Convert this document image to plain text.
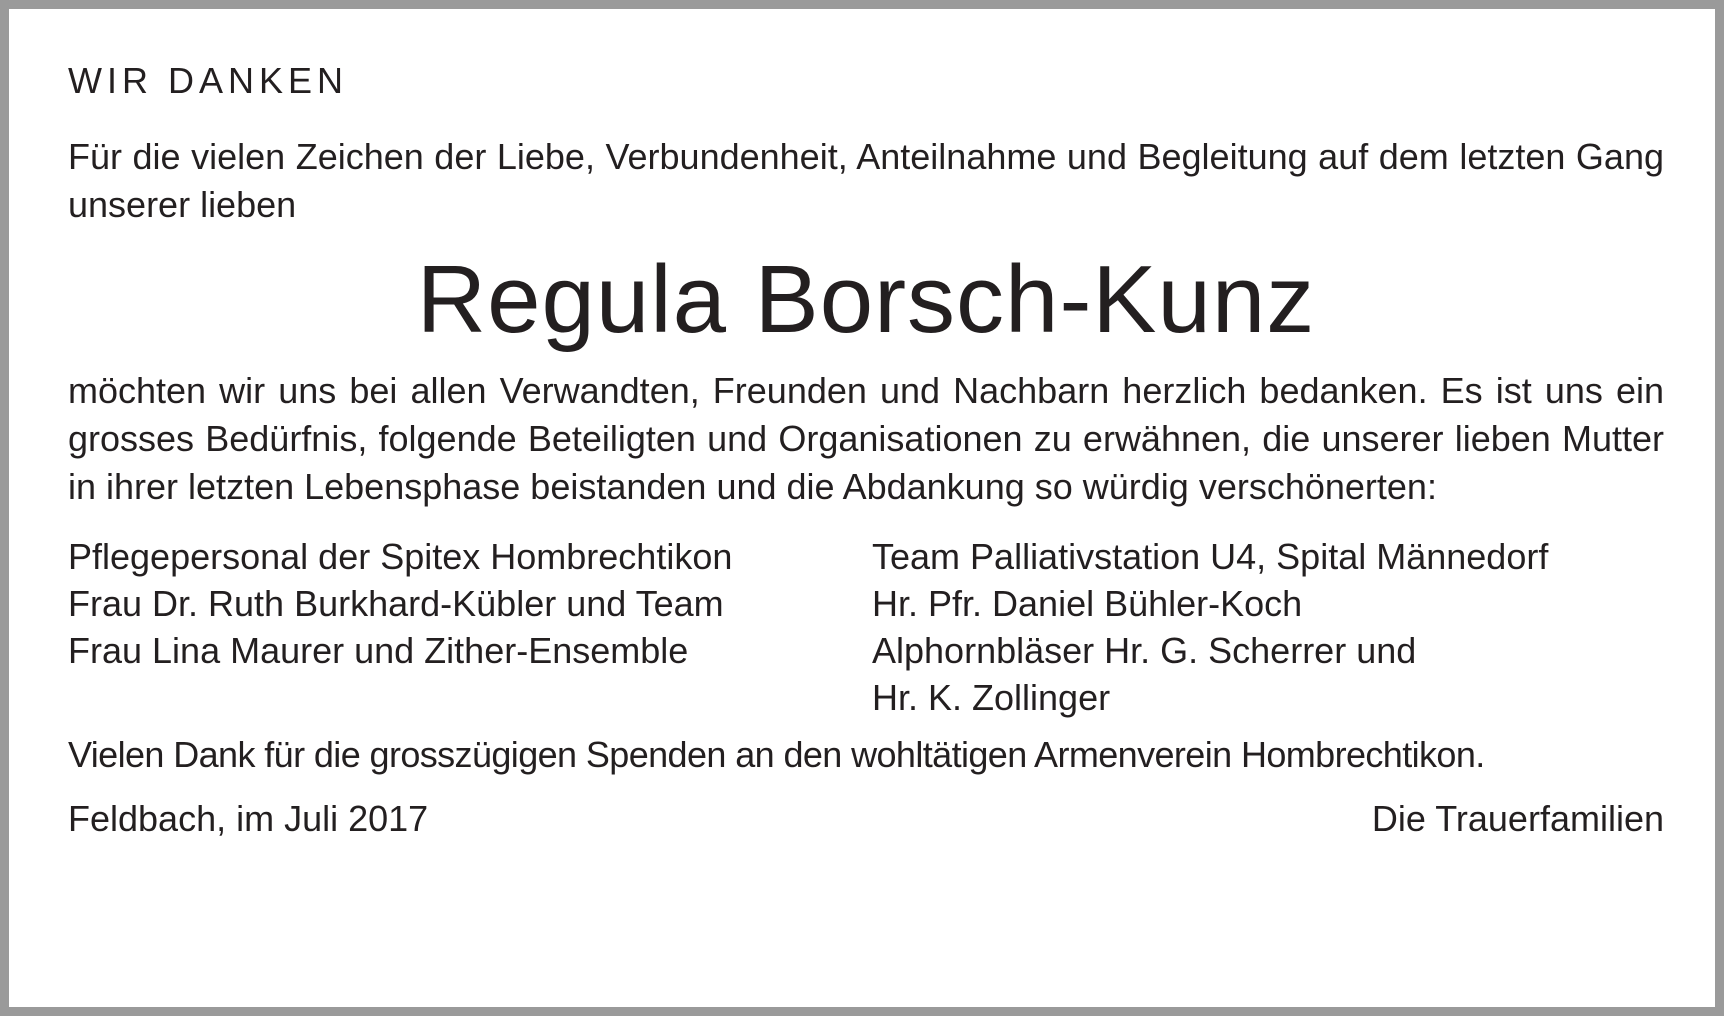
WIR DANKEN

Für die vielen Zeichen der Liebe, Verbundenheit, Anteilnahme und Begleitung auf dem letzten Gang unserer lieben

Regula Borsch-Kunz

möchten wir uns bei allen Verwandten, Freunden und Nachbarn herzlich bedanken. Es ist uns ein grosses Bedürfnis, folgende Beteiligten und Organisationen zu erwähnen, die unserer lieben Mutter in ihrer letzten Lebensphase beistanden und die Abdankung so würdig verschönerten:

Pflegepersonal der Spitex Hombrechtikon
Frau Dr. Ruth Burkhard-Kübler und Team
Frau Lina Maurer und Zither-Ensemble
Team Palliativstation U4, Spital Männedorf
Hr. Pfr. Daniel Bühler-Koch
Alphornbläser Hr. G. Scherrer und
Hr. K. Zollinger
Vielen Dank für die grosszügigen Spenden an den wohltätigen Armenverein Hombrechtikon.
Feldbach, im Juli 2017	Die Trauerfamilien
